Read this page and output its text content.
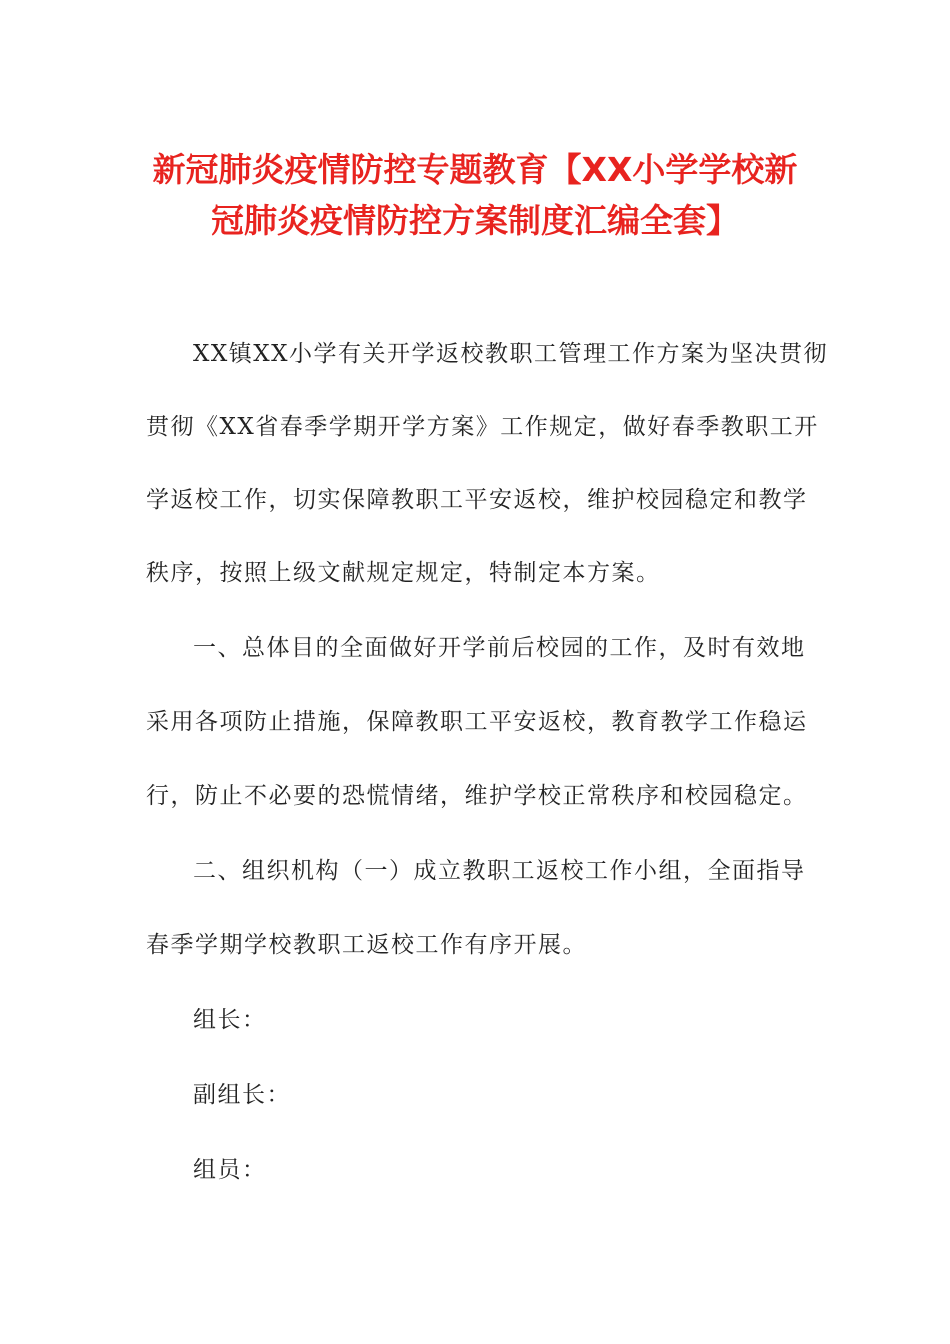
新冠肺炎疫情防控专题教育【XX小学学校新
冠肺炎疫情防控方案制度汇编全套】
XX镇XX小学有关开学返校教职工管理工作方案为坚决贯彻
贯彻《XX省春季学期开学方案》工作规定，做好春季教职工开
学返校工作，切实保障教职工平安返校，维护校园稳定和教学
秩序，按照上级文献规定规定，特制定本方案。
一、总体目的全面做好开学前后校园的工作，及时有效地
采用各项防止措施，保障教职工平安返校，教育教学工作稳运
行，防止不必要的恐慌情绪，维护学校正常秩序和校园稳定。
二、组织机构（一）成立教职工返校工作小组，全面指导
春季学期学校教职工返校工作有序开展。
组长：
副组长：
组员：
